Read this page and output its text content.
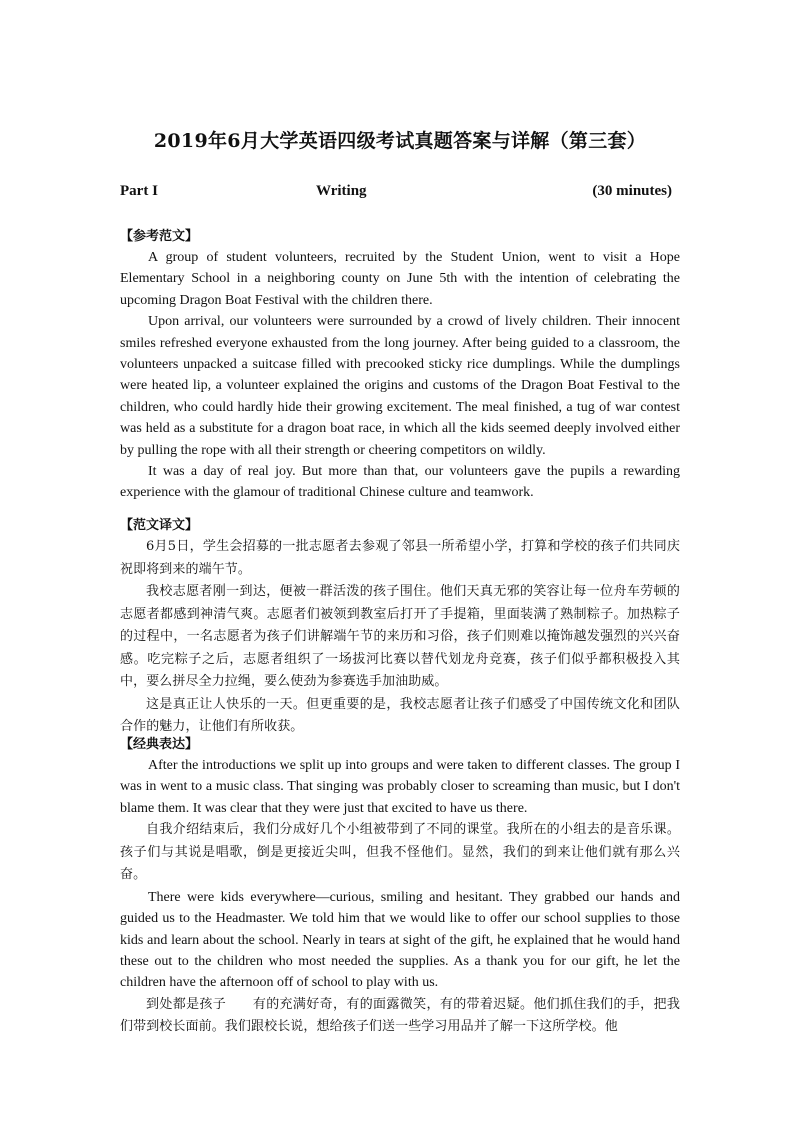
2019年6月大学英语四级考试真题答案与详解（第三套）
Part I	Writing	(30 minutes)

【参考范文】

A group of student volunteers, recruited by the Student Union, went to visit a Hope Elementary School in a neighboring county on June 5th with the intention of celebrating the upcoming Dragon Boat Festival with the children there.

Upon arrival, our volunteers were surrounded by a crowd of lively children. Their innocent smiles refreshed everyone exhausted from the long journey. After being guided to a classroom, the volunteers unpacked a suitcase filled with precooked sticky rice dumplings. While the dumplings were heated lip, a volunteer explained the origins and customs of the Dragon Boat Festival to the children, who could hardly hide their growing excitement. The meal finished, a tug of war contest was held as a substitute for a dragon boat race, in which all the kids seemed deeply involved either by pulling the rope with all their strength or cheering competitors on wildly.

It was a day of real joy. But more than that, our volunteers gave the pupils a rewarding experience with the glamour of traditional Chinese culture and teamwork.

【范文译文】

6月5日，学生会招募的一批志愿者去参观了邻县一所希望小学，打算和学校的孩子们共同庆祝即将到来的端午节。

我校志愿者刚一到达，便被一群活泼的孩子围住。他们天真无邪的笑容让每一位舟车劳顿的志愿者都感到神清气爽。志愿者们被领到教室后打开了手提箱，里面装满了熟制粽子。加热粽子的过程中，一名志愿者为孩子们讲解端午节的来历和习俗，孩子们则难以掩饰越发强烈的兴兴奋感。吃完粽子之后，志愿者组织了一场拔河比赛以替代划龙舟竞赛，孩子们似乎都积极投入其中，要么拼尽全力拉绳，要么使劲为参赛选手加油助威。

这是真正让人快乐的一天。但更重要的是，我校志愿者让孩子们感受了中国传统文化和团队合作的魅力，让他们有所收获。

【经典表达】

After the introductions we split up into groups and were taken to different classes. The group I was in went to a music class. That singing was probably closer to screaming than music, but I don't blame them. It was clear that they were just that excited to have us there.

自我介绍结束后，我们分成好几个小组被带到了不同的课堂。我所在的小组去的是音乐课。孩子们与其说是唱歌，倒是更接近尖叫，但我不怪他们。显然，我们的到来让他们就有那么兴奋。

There were kids everywhere—curious, smiling and hesitant. They grabbed our hands and guided us to the Headmaster. We told him that we would like to offer our school supplies to those kids and learn about the school. Nearly in tears at sight of the gift, he explained that he would hand these out to the children who most needed the supplies. As a thank you for our gift, he let the children have the afternoon off of school to play with us.

到处都是孩子　　有的充满好奇，有的面露微笑，有的带着迟疑。他们抓住我们的手，把我们带到校长面前。我们跟校长说，想给孩子们送一些学习用品并了解一下这所学校。他
